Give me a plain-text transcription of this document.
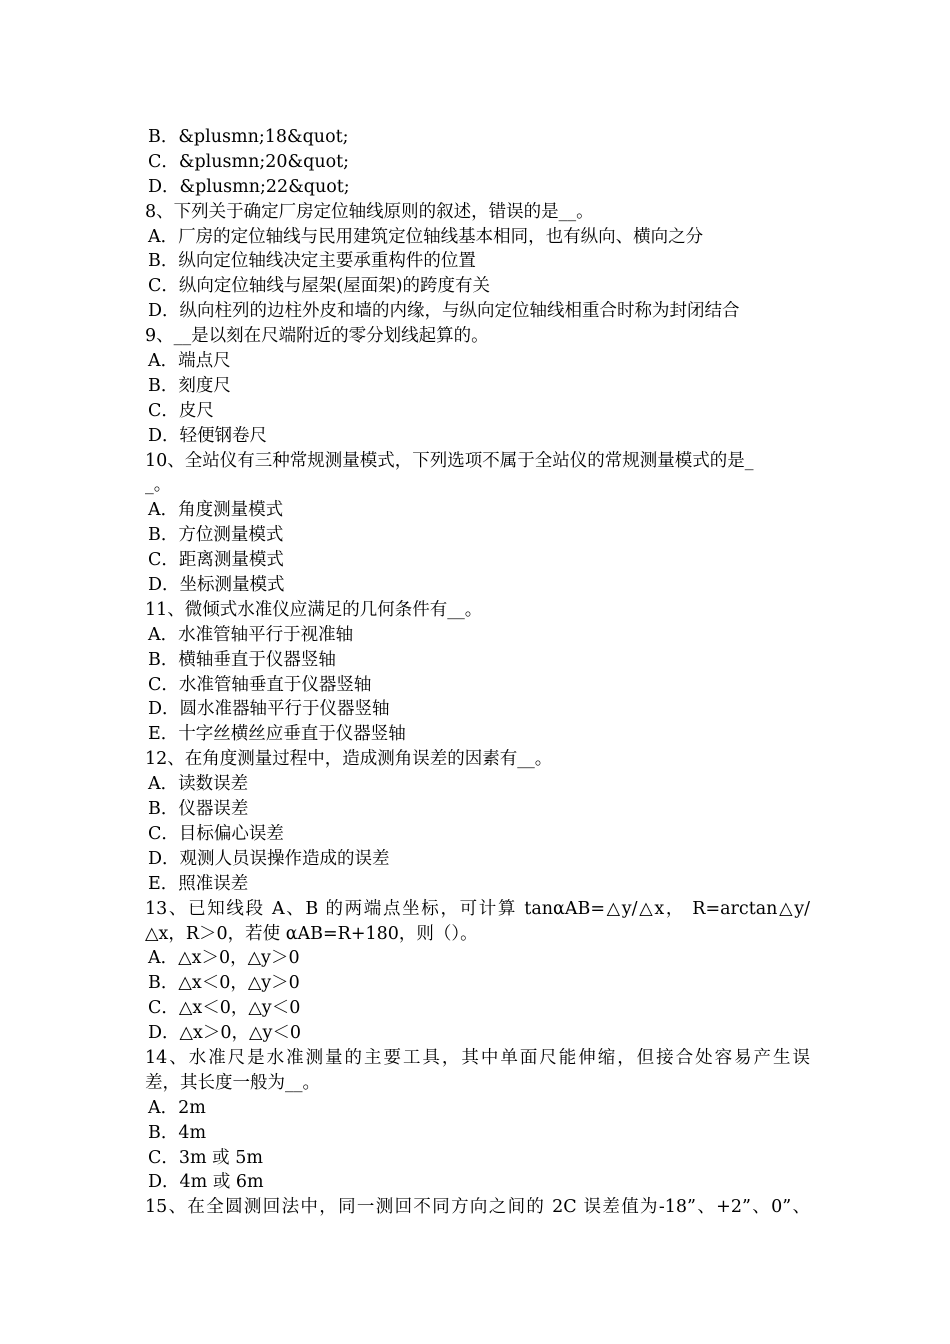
B．&plusmn;18&quot;
C．&plusmn;20&quot;
D．&plusmn;22&quot;
8、下列关于确定厂房定位轴线原则的叙述，错误的是__。
A．厂房的定位轴线与民用建筑定位轴线基本相同，也有纵向、横向之分
B．纵向定位轴线决定主要承重构件的位置
C．纵向定位轴线与屋架(屋面架)的跨度有关
D．纵向柱列的边柱外皮和墙的内缘，与纵向定位轴线相重合时称为封闭结合
9、__是以刻在尺端附近的零分划线起算的。
A．端点尺
B．刻度尺
C．皮尺
D．轻便钢卷尺
10、全站仪有三种常规测量模式，下列选项不属于全站仪的常规测量模式的是_
_。
A．角度测量模式
B．方位测量模式
C．距离测量模式
D．坐标测量模式
11、微倾式水准仪应满足的几何条件有__。
A．水准管轴平行于视准轴
B．横轴垂直于仪器竖轴
C．水准管轴垂直于仪器竖轴
D．圆水准器轴平行于仪器竖轴
E．十字丝横丝应垂直于仪器竖轴
12、在角度测量过程中，造成测角误差的因素有__。
A．读数误差
B．仪器误差
C．目标偏心误差
D．观测人员误操作造成的误差
E．照准误差
13、已知线段 A、B 的两端点坐标，可计算 tanαAB=△y/△x， R=arctan△y/
△x，R＞0，若使 αAB=R+180，则（）。
A．△x＞0，△y＞0
B．△x＜0，△y＞0
C．△x＜0，△y＜0
D．△x＞0，△y＜0
14、水准尺是水准测量的主要工具，其中单面尺能伸缩，但接合处容易产生误
差，其长度一般为__。
A．2m
B．4m
C．3m 或 5m
D．4m 或 6m
15、在全圆测回法中，同一测回不同方向之间的 2C 误差值为-18”、+2”、0”、
